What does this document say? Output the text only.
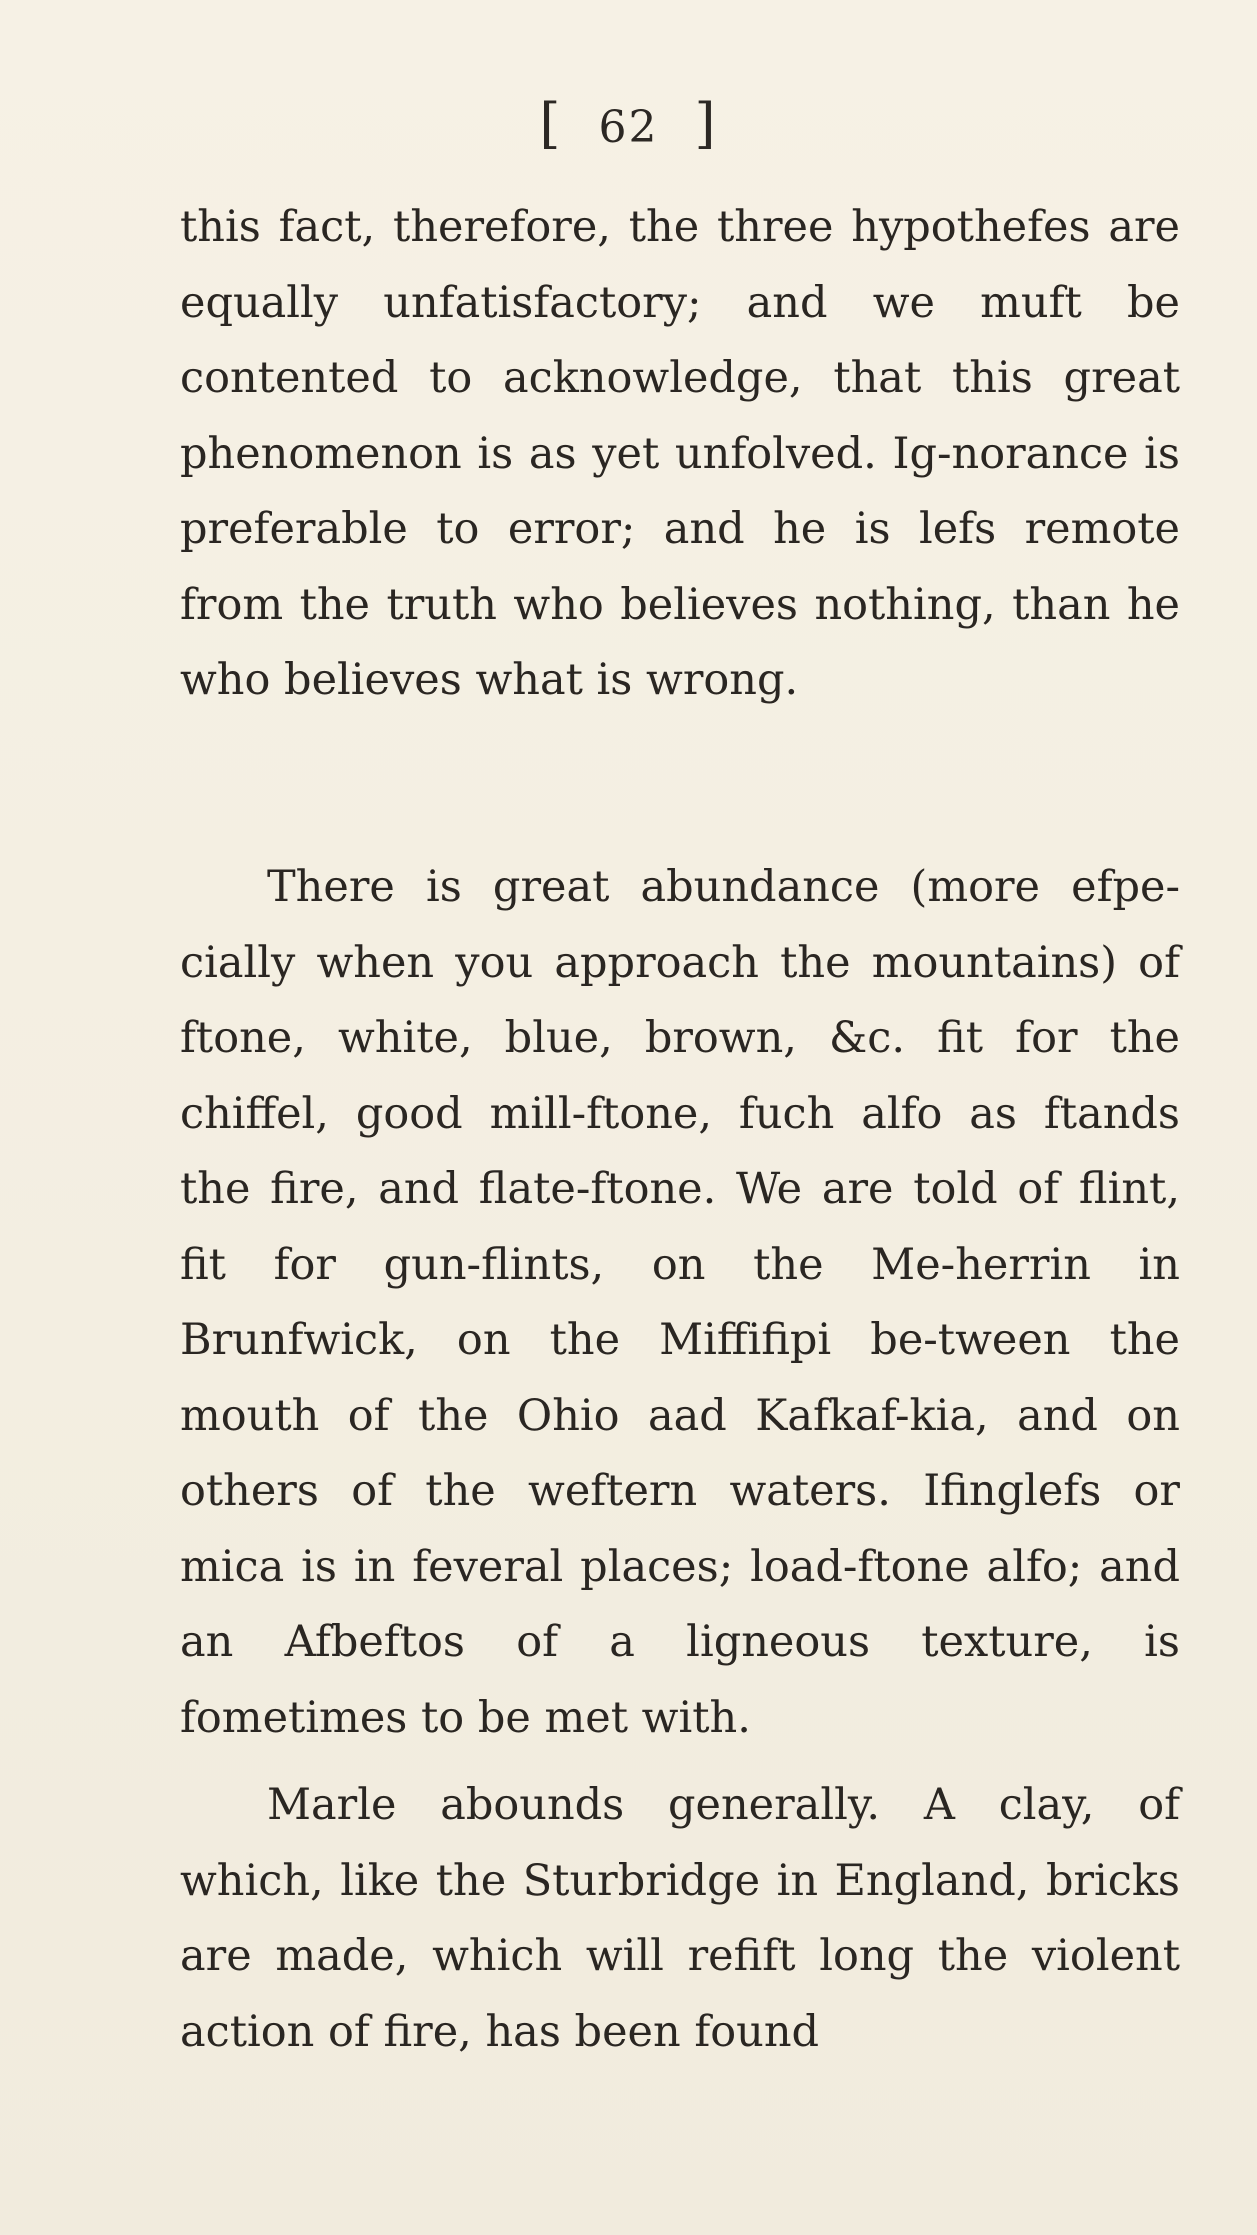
[ 62 ]

this fact, therefore, the three hypothefes are equally unfatisfactory; and we muft be contented to acknowledge, that this great phenomenon is as yet unfolved. Ig-norance is preferable to error; and he is lefs remote from the truth who believes nothing, than he who believes what is wrong.

There is great abundance (more efpe-cially when you approach the mountains) of ftone, white, blue, brown, &c. fit for the chiffel, good mill-ftone, fuch alfo as ftands the fire, and flate-ftone. We are told of flint, fit for gun-flints, on the Me-herrin in Brunfwick, on the Miffifipi be-tween the mouth of the Ohio aad Kafkaf-kia, and on others of the weftern waters. Ifinglefs or mica is in feveral places; load-ftone alfo; and an Afbeftos of a ligneous texture, is fometimes to be met with.

Marle abounds generally. A clay, of which, like the Sturbridge in England, bricks are made, which will refift long the violent action of fire, has been found
